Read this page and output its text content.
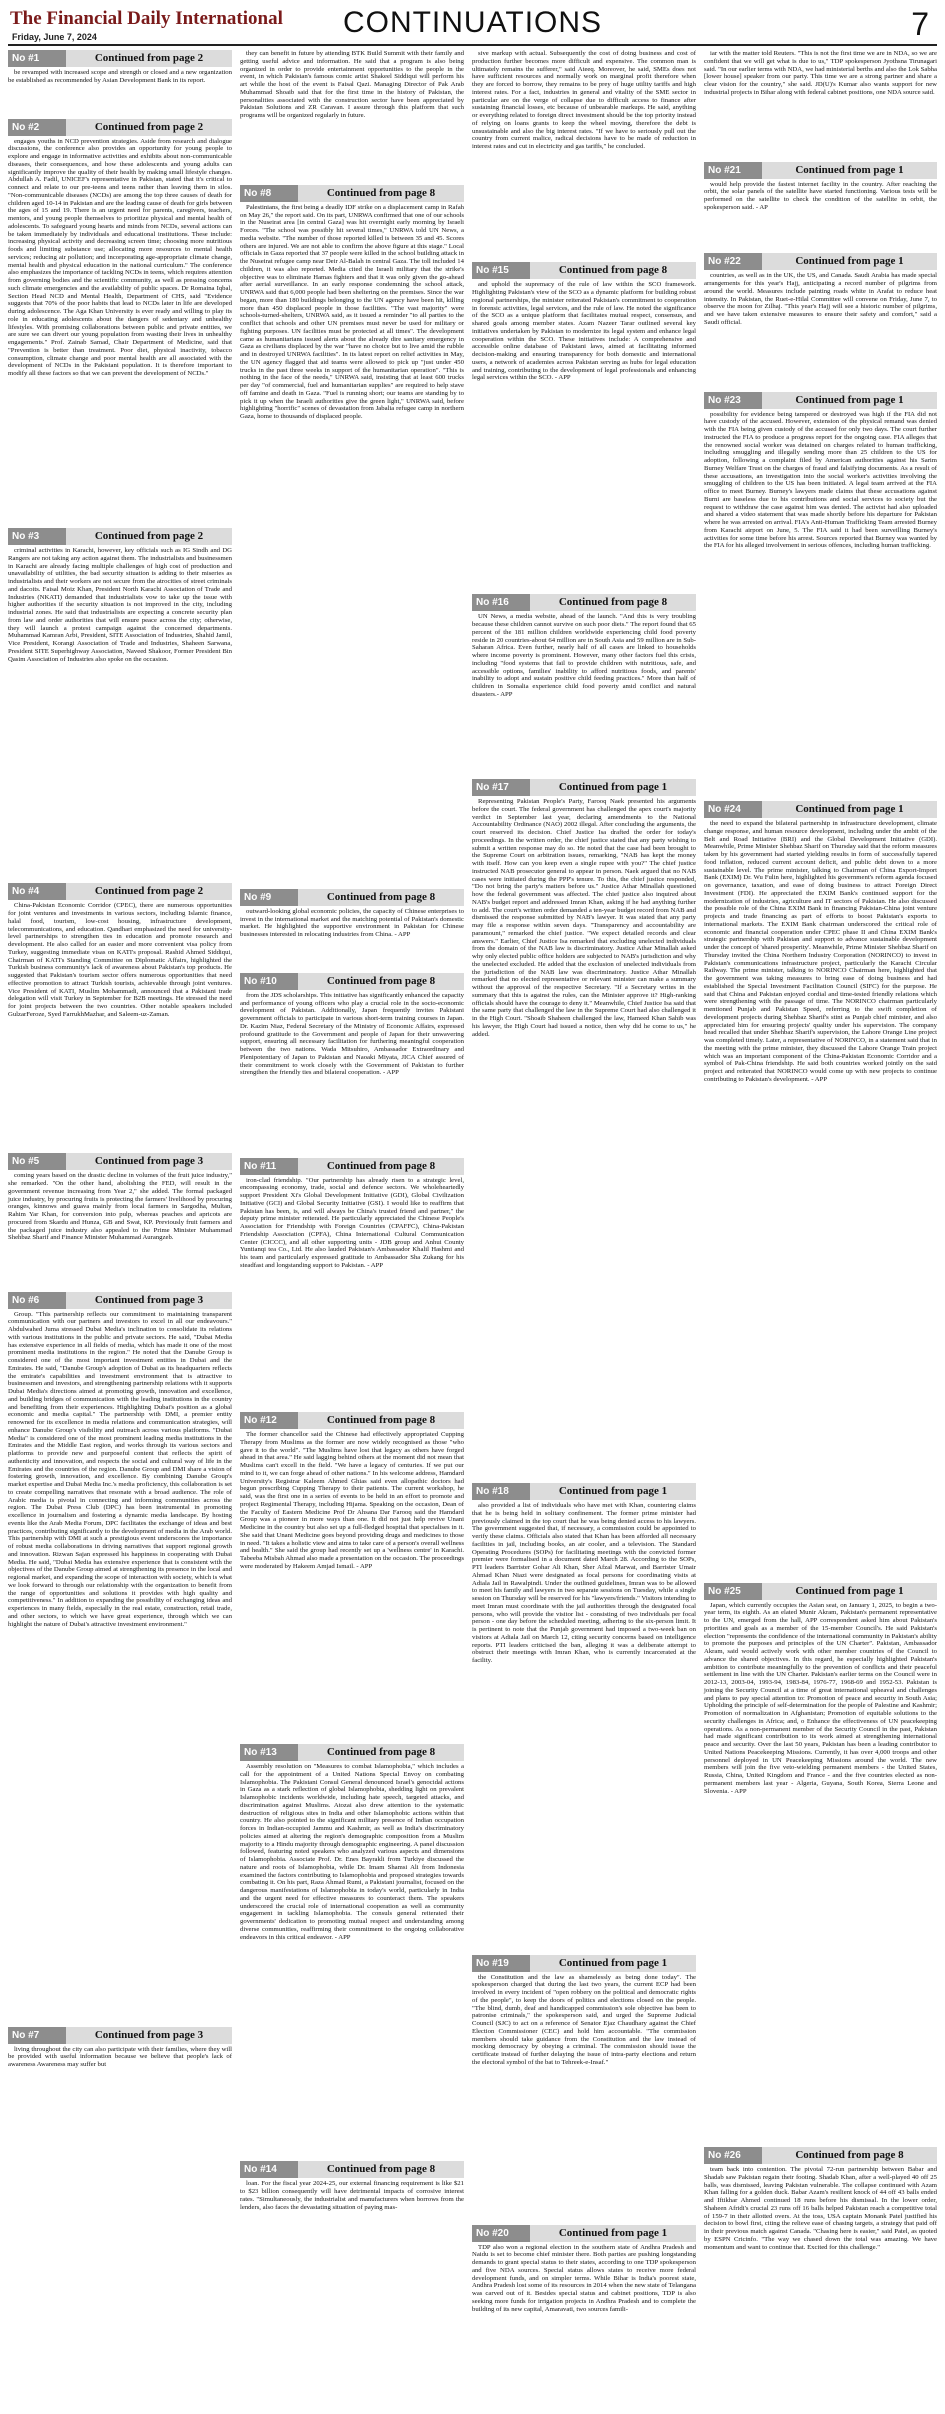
The Financial Daily International
Friday, June 7, 2024	CONTINUATIONS	7
No #1	Continued from page 2

be revamped with increased scope and strength or closed and a new organization be established as recommended by Asian Development Bank in its report.

No #2	Continued from page 2

engages youths in NCD prevention strategies. Aside from research and dialogue discussions, the conference also provides an opportunity for young people to explore and engage in informative activities and exhibits about non-communicable diseases, their consequences, and how these adolescents and young adults can significantly improve the quality of their health by making small lifestyle changes. Abdullah A. Fadil, UNICEF's representative in Pakistan, stated that it's critical to connect and relate to our pre-teens and teens rather than leaving them in silos. "Non-communicable diseases (NCDs) are among the top three causes of death for children aged 10-14 in Pakistan and are the leading cause of death for girls between the ages of 15 and 19. There is an urgent need for parents, caregivers, teachers, mentors, and young people themselves to prioritize physical and mental health of adolescents. To safeguard young hearts and minds from NCDs, several actions can be taken immediately by individuals and educational institutions. These include: increasing physical activity and decreasing screen time; choosing more nutritious foods and limiting substance use; allocating more resources to mental health services; reducing air pollution; and incorporating age-appropriate climate change, mental health and physical education in the national curriculum." The conference also emphasizes the importance of tackling NCDs in teens, which requires attention from governing bodies and the scientific community, as well as pressing concerns such climate emergencies and the availability of public spaces. Dr Romaina Iqbal, Section Head NCD and Mental Health, Department of CHS, said "Evidence suggests that 70% of the poor habits that lead to NCDs later in life are developed during adolescence. The Aga Khan University is ever ready and willing to play its role in educating adolescents about the dangers of sedentary and unhealthy lifestyles. With promising collaborations between public and private entities, we are sure we can divert our young population from wasting their lives in unhealthy engagements." Prof. Zainab Samad, Chair Department of Medicine, said that "Prevention is better than treatment. Poor diet, physical inactivity, tobacco consumption, climate change and poor mental health are all associated with the development of NCDs in the Pakistani population. It is therefore important to modify all these factors so that we can prevent the development of NCDs."

No #3	Continued from page 2

criminal activities in Karachi, however, key officials such as IG Sindh and DG Rangers are not taking any action against them. The industrialists and businessmen in Karachi are already facing multiple challenges of high cost of production and unavailability of utilities, the bad security situation is adding to their miseries as industrialists and their workers are not secure from the atrocities of street criminals and dacoits. Faisal Moiz Khan, President North Karachi Association of Trade and Industries (NKATI) demanded that industrialists vow to take up the issue with higher authorities if the security situation is not improved in the city, including industrial zones. He said that industrialists are expecting a concrete security plan from law and order authorities that will ensure peace across the city; otherwise, they will launch a protest campaign against the concerned departments. Muhammad Kamran Arbi, President, SITE Association of Industries, Shahid Jamil, Vice President, Korangi Association of Trade and Industries, Shaheen Sarwana, President SITE Superhighway Association, Naveed Shakoor, Former President Bin Qasim Association of Industries also spoke on the occasion.

No #4	Continued from page 2

China-Pakistan Economic Corridor (CPEC), there are numerous opportunities for joint ventures and investments in various sectors, including Islamic finance, halal food, tourism, low-cost housing, infrastructure development, telecommunications, and education. Qandhari emphasized the need for university-level partnerships to strengthen ties in education and promote research and development. He also called for an easier and more convenient visa policy from Turkey, suggesting immediate visas on KATI's proposal. Rashid Ahmed Siddiqui, Chairman of KATI's Standing Committee on Diplomatic Affairs, highlighted the Turkish business community's lack of awareness about Pakistan's top products. He suggested that Pakistan's tourism sector offers numerous opportunities that need effective promotion to attract Turkish tourists, achievable through joint ventures. Vice President of KATI, Muslim Mohammadi, announced that a Pakistani trade delegation will visit Turkey in September for B2B meetings. He stressed the need for joint projects between the two countries. Other notable speakers included GulzarFeroze, Syed FarrukhMazhar, and Saleem-uz-Zaman.

No #5	Continued from page 3

coming years based on the drastic decline in volumes of the fruit juice industry," she remarked. "On the other hand, abolishing the FED, will result in the government revenue increasing from Year 2," she added. The formal packaged juice industry, by procuring fruits is protecting the farmers' livelihood by procuring oranges, kinnows and guava mainly from local farmers in Sargodha, Multan, Rahim Yar Khan, for conversion into pulp, whereas peaches and apricots are procured from Skardu and Hunza, GB and Swat, KP. Previously fruit farmers and the packaged juice industry also appealed to the Prime Minister Muhammad Shehbaz Sharif and Finance Minister Muhammad Aurangzeb.

No #6	Continued from page 3

Group. "This partnership reflects our commitment to maintaining transparent communication with our partners and investors to excel in all our endeavours." Abdulwahed Juma stressed Dubai Media's inclination to consolidate its relations with various institutions in the public and private sectors. He said, "Dubai Media has extensive experience in all fields of media, which has made it one of the most prominent media institutions in the region." He noted that the Danube Group is considered one of the most important investment entities in Dubai and the Emirates. He said, "Danube Group's adoption of Dubai as its headquarters reflects the emirate's capabilities and investment environment that is attractive to businessmen and investors, and strengthening partnership relations with it supports Dubai Media's directions aimed at promoting growth, innovation and excellence, and building bridges of communication with the leading institutions in the country and benefiting from their experiences. Highlighting Dubai's position as a global economic and media capital." The partnership with DMI, a premier entity renowned for its excellence in media relations and communication strategies, will enhance Danube Group's visibility and outreach across various platforms. "Dubai Media" is considered one of the most prominent leading media institutions in the Emirates and the Middle East region, and works through its various sectors and platforms to provide new and purposeful content that reflects the spirit of authenticity and innovation, and respects the social and cultural way of life in the Emirates and the countries of the region. Danube Group and DMI share a vision of fostering growth, innovation, and excellence. By combining Danube Group's market expertise and Dubai Media Inc.'s media proficiency, this collaboration is set to create compelling narratives that resonate with a broad audience. The role of Arabic media is pivotal in connecting and informing communities across the region. The Dubai Press Club (DPC) has been instrumental in promoting excellence in journalism and fostering a dynamic media landscape. By hosting events like the Arab Media Forum, DPC facilitates the exchange of ideas and best practices, contributing significantly to the development of media in the Arab world. This partnership with DMI at such a prestigious event underscores the importance of robust media collaborations in driving narratives that support regional growth and innovation. Rizwan Sajan expressed his happiness in cooperating with Dubai Media. He said, "Dubai Media has extensive experience that is consistent with the objectives of the Danube Group aimed at strengthening its presence in the local and regional market, and expanding the scope of interaction with society, which is what we look forward to through our relationship with the organization to benefit from the range of opportunities and solutions it provides with high quality and competitiveness." In addition to expanding the possibility of exchanging ideas and experiences in many fields, especially in the real estate, construction, retail trade, and other sectors, to which we have great experience, through which we can highlight the nature of Dubai's attractive investment environment."

No #7	Continued from page 3

living throughout the city can also participate with their families, where they will be provided with useful information because we believe that people's lack of awareness Awareness may suffer but

they can benefit in future by attending BTK Build Summit with their family and getting useful advice and information. He said that a program is also being organized in order to provide entertainment opportunities to the people in the event, in which Pakistan's famous comic artist Shakeel Siddiqui will perform his art while the host of the event is Faisal Qazi. Managing Director of Pak Arab Muhammad Shoaib said that for the first time in the history of Pakistan, the personalities associated with the construction sector have been appreciated by Pakistan Solutions and ZR Caravan. I assure through this platform that such programs will be organized regularly in future.

No #8	Continued from page 8

Palestinians, the first being a deadly IDF strike on a displacement camp in Rafah on May 26," the report said. On its part, UNRWA confirmed that one of our schools in the Nuseirat area [in central Gaza] was hit overnight early morning by Israeli Forces. "The school was possibly hit several times," UNRWA told UN News, a media website. "The number of those reported killed is between 35 and 45. Scores others are injured. We are not able to confirm the above figure at this stage." Local officials in Gaza reported that 37 people were killed in the school building attack in the Nuseirat refugee camp near Deir Al-Balah in central Gaza. The toll included 14 children, it was also reported. Media cited the Israeli military that the strike's objective was to eliminate Hamas fighters and that it was only given the go-ahead after aerial surveillance. In an early response condemning the school attack, UNRWA said that 6,000 people had been sheltering on the premises. Since the war began, more than 180 buildings belonging to the UN agency have been hit, killing more than 450 displaced people in those facilities. "The vast majority" were schools-turned-shelters, UNRWA said, as it issued a reminder "to all parties to the conflict that schools and other UN premises must never be used for military or fighting purposes. UN facilities must be protected at all times". The development came as humanitarians issued alerts about the already dire sanitary emergency in Gaza as civilians displaced by the war "have no choice but to live amid the rubble and in destroyed UNRWA facilities". In its latest report on relief activities in May, the UN agency flagged that aid teams were allowed to pick up "just under 450 trucks in the past three weeks in support of the humanitarian operation". "This is nothing in the face of the needs," UNRWA said, insisting that at least 600 trucks per day "of commercial, fuel and humanitarian supplies" are required to help stave off famine and death in Gaza. "Fuel is running short; our teams are standing by to pick it up when the Israeli authorities give the green light," UNRWA said, before highlighting "horrific" scenes of devastation from Jabalia refugee camp in northern Gaza, home to thousands of displaced people.

No #9	Continued from page 8

outward-looking global economic policies, the capacity of Chinese enterprises to invest in the international market and the matching potential of Pakistan's domestic market. He highlighted the supportive environment in Pakistan for Chinese businesses interested in relocating industries from China. - APP

No #10	Continued from page 8

from the JDS scholarships. This initiative has significantly enhanced the capacity and performance of young officers who play a crucial role in the socio-economic development of Pakistan. Additionally, Japan frequently invites Pakistani government officials to participate in various short-term training courses in Japan. Dr. Kazim Niaz, Federal Secretary of the Ministry of Economic Affairs, expressed profound gratitude to the Government and people of Japan for their unwavering support, ensuring all necessary facilitation for furthering meaningful cooperation between the two nations. Wada Mitsuhiro, Ambassador Extraordinary and Plenipotentiary of Japan to Pakistan and Naoaki Miyata, JICA Chief assured of their commitment to work closely with the Government of Pakistan to further strengthen the friendly ties and bilateral cooperation. - APP

No #11	Continued from page 8

iron-clad friendship. "Our partnership has already risen to a strategic level, encompassing economy, trade, social and defence sectors. We wholeheartedly support President Xi's Global Development Initiative (GDI), Global Civilization Initiative (GCI) and Global Security Initiative (GSI). I would like to reaffirm that Pakistan has been, is, and will always be China's trusted friend and partner," the deputy prime minister reiterated. He particularly appreciated the Chinese People's Association for Friendship with Foreign Countries (CPAFFC), China-Pakistan Friendship Association (CPFA), China International Cultural Communication Center (CICCC), and all other supporting units - JDB group and Anhui County Yuntianqi tea Co., Ltd. He also lauded Pakistan's Ambassador Khalil Hashmi and his team and particularly expressed gratitude to Ambassador Sha Zukang for his steadfast and longstanding support to Pakistan. - APP

No #12	Continued from page 8

The former chancellor said the Chinese had effectively appropriated Cupping Therapy from Muslims as the former are now widely recognised as those "who gave it to the world". "The Muslims have lost that legacy as others have forged ahead in that area." He said lagging behind others at the moment did not mean that Muslims can't excell in the field. "We have a legacy of centuries. If we put our mind to it, we can forge ahead of other nations." In his welcome address, Hamdard University's Registrar Kaleem Ahmed Ghias said even allopathic doctors had begun prescribing Cupping Therapy to their patients. The current workshop, he said, was the first one in a series of events to be held in an effort to promote and project Regimental Therapy, including Hijama. Speaking on the occasion, Dean of the Faculty of Eastern Medicine Prof Dr Ahsana Dar Farooq said the Hamdard Group was a pioneer in more ways than one. It did not just help revive Unani Medicine in the country but also set up a full-fledged hospital that specialises in it. She said that Unani Medicine goes beyond providing drugs and medicines to those in need. "It takes a holistic view and aims to take care of a person's overall wellness and health." She said the group had recently set up a 'wellness centre' in Karachi. Tabeeba Misbah Ahmad also made a presentation on the occasion. The proceedings were moderated by Hakeem Amjad Ismail. - APP

No #13	Continued from page 8

Assembly resolution on "Measures to combat Islamophobia," which includes a call for the appointment of a United Nations Special Envoy on combating Islamophobia. The Pakistani Consul General denounced Israel's genocidal actions in Gaza as a stark reflection of global Islamophobia, shedding light on prevalent Islamophobic incidents worldwide, including hate speech, targeted attacks, and discrimination against Muslims. Atozai also drew attention to the systematic destruction of religious sites in India and other Islamophobic actions within that country. He also pointed to the significant military presence of Indian occupation forces in Indian-occupied Jammu and Kashmir, as well as India's discriminatory policies aimed at altering the region's demographic composition from a Muslim majority to a Hindu majority through demographic engineering. A panel discussion followed, featuring noted speakers who analyzed various aspects and dimensions of Islamophobia. Associate Prof. Dr. Enes Bayrakli from Turkiye discussed the nature and roots of Islamophobia, while Dr. Imam Shamsi Ali from Indonesia examined the factors contributing to Islamophobia and proposed strategies towards combating it. On his part, Raza Ahmad Rumi, a Pakistani journalist, focused on the dangerous manifestations of Islamophobia in today's world, particularly in India and the urgent need for effective measures to counteract them. The speakers underscored the crucial role of international cooperation as well as community engagement in tackling Islamophobia. The consuls general reiterated their governments' dedication to promoting mutual respect and understanding among diverse communities, reaffirming their commitment to the ongoing collaborative endeavors in this critical endeavor. - APP

No #14	Continued from page 8

loan. For the fiscal year 2024-25, our external financing requirement is like $21 to $23 billion consequently will have detrimental impacts of corrosive interest rates. "Simultaneously, the industrialist and manufacturers when borrows from the lenders, also faces the devastating situation of paying mas-

sive markup with actual. Subsequently the cost of doing business and cost of production further becomes more difficult and expensive. The common man is ultimately remains the sufferer," said Ateeq. Moreover, he said, SMEs does not have sufficient resources and normally work on marginal profit therefore when they are forced to borrow, they remains to be prey of huge utility tariffs and high interest rates. For a fact, industries in general and vitality of the SME sector in particular are on the verge of collapse due to difficult access to finance after sustaining financial losses, etc because of unbearable markups. He said, anything or everything related to foreign direct investment should be the top priority instead of relying on loans grants to keep the wheel moving, therefore the debt is unsustainable and also the big interest rates. "If we have to seriously pull out the country from current malice, radical decisions have to be made of reduction in interest rates and cut in electricity and gas tariffs," he concluded.

No #15	Continued from page 8

and uphold the supremacy of the rule of law within the SCO framework. Highlighting Pakistan's view of the SCO as a dynamic platform for building robust regional partnerships, the minister reiterated Pakistan's commitment to cooperation in forensic activities, legal services, and the rule of law. He noted the significance of the SCO as a unique platform that facilitates mutual respect, consensus, and shared goals among member states. Azam Nazeer Tarar outlined several key initiatives undertaken by Pakistan to modernize its legal system and enhance legal cooperation within the SCO. These initiatives include: A comprehensive and accessible online database of Pakistani laws, aimed at facilitating informed decision-making and ensuring transparency for both domestic and international users, a network of academies across Pakistan serving as hubs for legal education and training, contributing to the development of legal professionals and enhancing legal services within the SCO. - APP

No #16	Continued from page 8

UN News, a media website, ahead of the launch. "And this is very troubling because these children cannot survive on such poor diets." The report found that 65 percent of the 181 million children worldwide experiencing child food poverty reside in 20 countries-about 64 million are in South Asia and 59 million are in Sub-Saharan Africa. Even further, nearly half of all cases are linked to households where income poverty is prominent. However, many other factors fuel this crisis, including "food systems that fail to provide children with nutritious, safe, and accessible options, families' inability to afford nutritious foods, and parents' inability to adopt and sustain positive child feeding practices." More than half of children in Somalia experience child food poverty amid conflict and natural disasters.- APP

No #17	Continued from page 1

Representing Pakistan People's Party, Farooq Naek presented his arguments before the court. The federal government has challenged the apex court's majority verdict in September last year, declaring amendments to the National Accountability Ordinance (NAO) 2002 illegal. After concluding the arguments, the court reserved its decision. Chief Justice Isa drafted the order for today's proceedings. In the written order, the chief justice stated that any party wishing to submit a written response may do so. He noted that the case had been brought to the Supreme Court on arbitration issues, remarking, "NAB has kept the money with itself. How can you keep even a single rupee with you?" The chief justice instructed NAB prosecutor general to appear in person. Naek argued that no NAB cases were initiated during the PPP's tenure. To this, the chief justice responded, "Do not bring the party's matters before us." Justice Athar Minallah questioned how the federal government was affected. The chief justice also inquired about NAB's budget report and addressed Imran Khan, asking if he had anything further to add. The court's written order demanded a ten-year budget record from NAB and dismissed the response submitted by NAB's lawyer. It was stated that any party may file a response within seven days. "Transparency and accountability are paramount," remarked the chief justice. "We expect detailed records and clear answers." Earlier, Chief Justice Isa remarked that excluding unelected individuals from the domain of the NAB law is discriminatory. Justice Athar Minallah asked why only elected public office holders are subjected to NAB's jurisdiction and why the unelected excluded. He added that the exclusion of unelected individuals from the jurisdiction of the NAB law was discriminatory. Justice Athar Minallah remarked that no elected representative or relevant minister can make a summary without the approval of the respective Secretary. "If a Secretary writes in the summary that this is against the rules, can the Minister approve it? High-ranking officials should have the courage to deny it." Meanwhile, Chief Justice Isa said that the same party that challenged the law in the Supreme Court had also challenged it in the High Court. "Shoaib Shaheen challenged the law, Hameed Khan Sahib was his lawyer, the High Court had issued a notice, then why did he come to us," he added.

No #18	Continued from page 1

also provided a list of individuals who have met with Khan, countering claims that he is being held in solitary confinement. The former prime minister had previously claimed in the top court that he was being denied access to his lawyers. The government suggested that, if necessary, a commission could be appointed to verify these claims. Officials also stated that Khan has been afforded all necessary facilities in jail, including books, an air cooler, and a television. The Standard Operating Procedures (SOPs) for facilitating meetings with the convicted former premier were formalised in a document dated March 28. According to the SOPs, PTI leaders Barrister Gohar Ali Khan, Sher Afzal Marwat, and Barrister Umair Ahmad Khan Niazi were designated as focal persons for coordinating visits at Adiala Jail in Rawalpindi. Under the outlined guidelines, Imran was to be allowed to meet his family and lawyers in two separate sessions on Tuesday, while a single session on Thursday will be reserved for his "lawyers/friends." Visitors intending to meet Imran must coordinate with the jail authorities through the designated focal persons, who will provide the visitor list - consisting of two individuals per focal person - one day before the scheduled meeting, adhering to the six-person limit. It is pertinent to note that the Punjab government had imposed a two-week ban on visitors at Adiala Jail on March 12, citing security concerns based on intelligence reports. PTI leaders criticised the ban, alleging it was a deliberate attempt to obstruct their meetings with Imran Khan, who is currently incarcerated at the facility.

No #19	Continued from page 1

the Constitution and the law as shamelessly as being done today". The spokesperson charged that during the last two years, the current ECP had been involved in every incident of "open robbery on the political and democratic rights of the people", to keep the doors of politics and elections closed on the people. "The blind, dumb, deaf and handicapped commission's sole objective has been to patronise criminals," the spokesperson said, and urged the Supreme Judicial Council (SJC) to act on a reference of Senator Ejaz Chaudhary against the Chief Election Commissioner (CEC) and hold him accountable. "The commission members should take guidance from the Constitution and the law instead of mocking democracy by obeying a criminal. The commission should issue the certificate instead of further delaying the issue of intra-party elections and return the electoral symbol of the bat to Tehreek-e-Insaf."

No #20	Continued from page 1

TDP also won a regional election in the southern state of Andhra Pradesh and Naidu is set to become chief minister there. Both parties are pushing longstanding demands to grant special status to their states, according to one TDP spokesperson and five NDA sources. Special status allows states to receive more federal development funds, and on simpler terms. While Bihar is India's poorest state, Andhra Pradesh lost some of its resources in 2014 when the new state of Telangana was carved out of it. Besides special status and cabinet positions, TDP is also seeking more funds for irrigation projects in Andhra Pradesh and to complete the building of its new capital, Amaravati, two sources famili-

iar with the matter told Reuters. "This is not the first time we are in NDA, so we are confident that we will get what is due to us," TDP spokesperson Jyothsna Tirunagari said. "In our earlier terms with NDA, we had ministerial berths and also the Lok Sabha [lower house] speaker from our party. This time we are a strong partner and share a clear vision for the country," she said. JD(U)'s Kumar also wants support for new industrial projects in Bihar along with federal cabinet positions, one NDA source said.

No #21	Continued from page 1

would help provide the fastest internet facility in the country. After reaching the orbit, the solar panels of the satellite have started functioning. Various tests will be performed on the satellite to check the condition of the satellite in orbit, the spokesperson said. - AP

No #22	Continued from page 1

countries, as well as in the UK, the US, and Canada. Saudi Arabia has made special arrangements for this year's Hajj, anticipating a record number of pilgrims from around the world. Measures include painting roads white in Arafat to reduce heat intensity. In Pakistan, the Ruet-e-Hilal Committee will convene on Friday, June 7, to observe the moon for Zilhaj. "This year's Hajj will see a historic number of pilgrims, and we have taken extensive measures to ensure their safety and comfort," said a Saudi official.

No #23	Continued from page 1

possibility for evidence being tampered or destroyed was high if the FIA did not have custody of the accused. However, extension of the physical remand was denied with the FIA being given custody of the accused for only two days. The court further instructed the FIA to produce a progress report for the ongoing case. FIA alleges that the renowned social worker was detained on charges related to human trafficking, including smuggling and illegally sending more than 25 children to the US for adoption, following a complaint filed by American authorities against his Sarim Burney Welfare Trust on the charges of fraud and falsifying documents. As a result of these accusations, an investigation into the social worker's activities involving the smuggling of children to the US has been initiated. A legal team arrived at the FIA office to meet Burney. Burney's lawyers made claims that these accusations against Burni are baseless due to his contributions and social services to society but the request to withdraw the case against him was denied. The activist had also uploaded and shared a video statement that was made shortly before his departure for Pakistan where he was arrested on arrival. FIA's Anti-Human Trafficking Team arrested Burney from Karachi airport on June, 5. The FIA said it had been surveilling Burney's activities for some time before his arrest. Sources reported that Burney was wanted by the FIA for his alleged involvement in serious offences, including human trafficking.

No #24	Continued from page 1

the need to expand the bilateral partnership in infrastructure development, climate change response, and human resource development, including under the ambit of the Belt and Road Initiative (BRI) and the Global Development Initiative (GDI). Meanwhile, Prime Minister Shehbaz Sharif on Thursday said that the reform measures taken by his government had started yielding results in form of successfully tapered food inflation, reduced current account deficit, and public debt down to a more sustainable level. The prime minister, talking to Chairman of China Export-Import Bank (EXIM) Dr. Wu Fulin here, highlighted his government's reform agenda focused on governance, taxation, and ease of doing business to attract Foreign Direct Investment (FDI). He appreciated the EXIM Bank's continued support for the modernization of industries, agriculture and IT sectors of Pakistan. He also discussed the possible role of the China EXIM Bank in financing Pakistan-China joint venture projects and trade financing as part of efforts to boost Pakistan's exports to international markets. The EXIM Bank chairman underscored the critical role of economic and financial cooperation under CPEC phase II and China EXIM Bank's strategic partnership with Pakistan and support to advance sustainable development under the concept of 'shared prosperity'. Meanwhile, Prime Minister Shehbaz Sharif on Thursday invited the China Northern Industry Corporation (NORINCO) to invest in Pakistan's communications infrastructure project, particularly the Karachi Circular Railway. The prime minister, talking to NORINCO Chairman here, highlighted that the government was taking measures to bring ease of doing business and had established the Special Investment Facilitation Council (SIFC) for the purpose. He said that China and Pakistan enjoyed cordial and time-tested friendly relations which were strengthening with the passage of time. The NORINCO chairman particularly mentioned Punjab and Pakistan Speed, referring to the swift completion of development projects during Shehbaz Sharif's stint as Punjab chief minister, and also appreciated him for ensuring projects' quality under his supervision. The company head recalled that under Shehbaz Sharif's supervision, the Lahore Orange Line project was completed timely. Later, a representative of NORINCO, in a statement said that in the meeting with the prime minister, they discussed the Lahore Orange Train project which was an important component of the China-Pakistan Economic Corridor and a symbol of Pak-China friendship. He said both countries worked jointly on the said project and reiterated that NORINCO would come up with new projects to continue contributing to Pakistan's development. - APP

No #25	Continued from page 1

Japan, which currently occupies the Asian seat, on January 1, 2025, to begin a two-year term, its eighth. As an elated Munir Akram, Pakistan's permanent representative to the UN, emerged from the hall, APP correspondent asked him about Pakistan's priorities and goals as a member of the 15-member Council's. He said Pakistan's election "represents the confidence of the international community in Pakistan's ability to promote the purposes and principles of the UN Charter". Pakistan, Ambassador Akram, said would actively work with other member countries of the Council to advance the shared objectives. In this regard, he especially highlighted Pakistan's ambition to contribute meaningfully to the prevention of conflicts and their peaceful settlement in line with the UN Charter. Pakistan's earlier terms on the Council were in 2012-13, 2003-04, 1993-94, 1983-84, 1976-77, 1968-69 and 1952-53. Pakistan is joining the Security Council at a time of great international upheaval and challenges and plans to pay special attention to: Promotion of peace and security in South Asia; Upholding the principle of self-determination for the people of Palestine and Kashmir; Promotion of normalization in Afghanistan; Promotion of equitable solutions to the security challenges in Africa; and, o Enhance the effectiveness of UN peacekeeping operations. As a non-permanent member of the Security Council in the past, Pakistan had made significant contribution to its work aimed at strengthening international peace and security. Over the last 50 years, Pakistan has been a leading contributor to United Nations Peacekeeping Missions. Currently, it has over 4,000 troops and other personnel deployed in UN Peacekeeping Missions around the world. The new members will join the five veto-wielding permanent members - the United States, Russia, China, United Kingdom and France - and the five countries elected as non-permanent members last year - Algeria, Guyana, South Korea, Sierra Leone and Slovenia. - APP

No #26	Continued from page 8

team back into contention. The pivotal 72-run partnership between Babar and Shadab saw Pakistan regain their footing. Shadab Khan, after a well-played 40 off 25 balls, was dismissed, leaving Pakistan vulnerable. The collapse continued with Azam Khan falling for a golden duck. Babar Azam's resilient knock of 44 off 43 balls ended and Iftikhar Ahmed continued 18 runs before his dismissal. In the lower order, Shaheen Afridi's crucial 23 runs off 16 balls helped Pakistan reach a competitive total of 159-7 in their allotted overs. At the toss, USA captain Monank Patel justified his decision to bowl first, citing the relieve ease of chasing targets, a strategy that paid off in their previous match against Canada. "Chasing here is easier," said Patel, as quoted by ESPN Cricinfo. "The way we chased down the total was amazing. We have momentum and want to continue that. Excited for this challenge."
